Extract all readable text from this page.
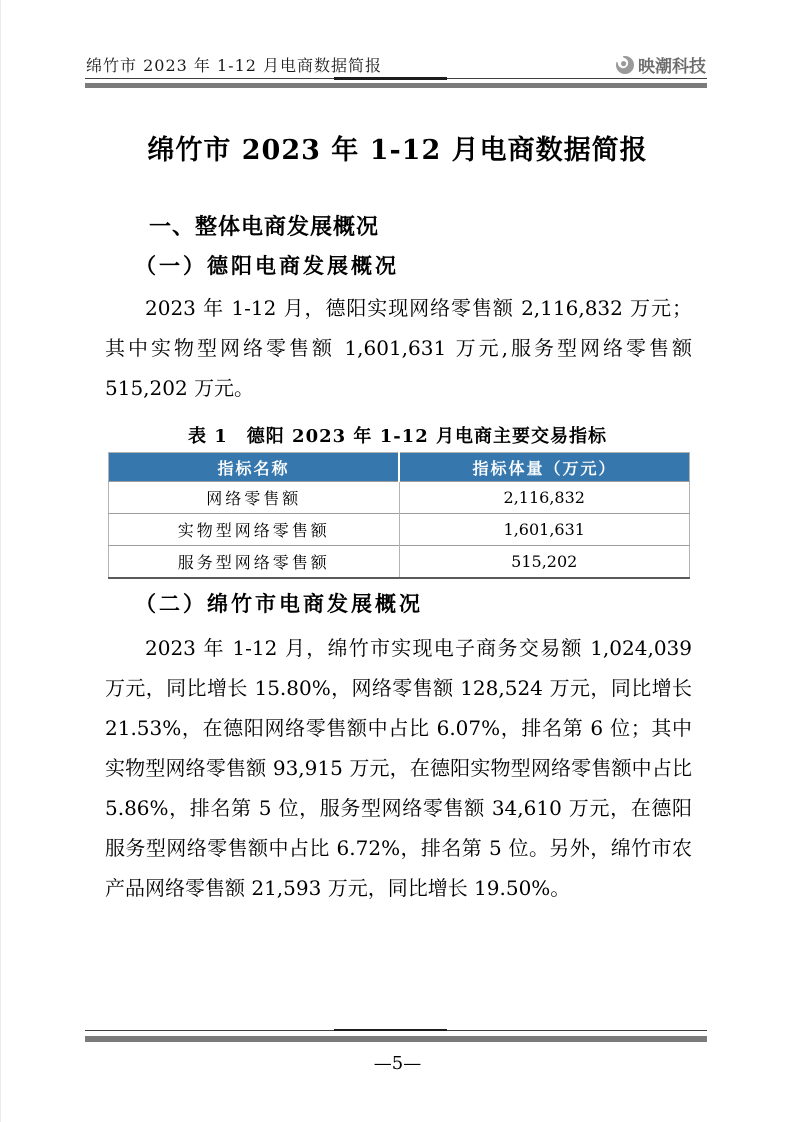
绵竹市 2023 年 1-12 月电商数据简报	映潮科技
绵竹市 2023 年 1-12 月电商数据简报
一、整体电商发展概况
（一）德阳电商发展概况

2023 年 1-12 月，德阳实现网络零售额 2,116,832 万元；其中实物型网络零售额 1,601,631 万元,服务型网络零售额 515,202 万元。

表 1　德阳 2023 年 1-12 月电商主要交易指标
指标名称	指标体量（万元）
网络零售额	2,116,832
实物型网络零售额	1,601,631
服务型网络零售额	515,202
（二）绵竹市电商发展概况

2023 年 1-12 月，绵竹市实现电子商务交易额 1,024,039 万元，同比增长 15.80%，网络零售额 128,524 万元，同比增长 21.53%，在德阳网络零售额中占比 6.07%，排名第 6 位；其中实物型网络零售额 93,915 万元，在德阳实物型网络零售额中占比 5.86%，排名第 5 位，服务型网络零售额 34,610 万元，在德阳服务型网络零售额中占比 6.72%，排名第 5 位。另外，绵竹市农产品网络零售额 21,593 万元，同比增长 19.50%。

—5—
